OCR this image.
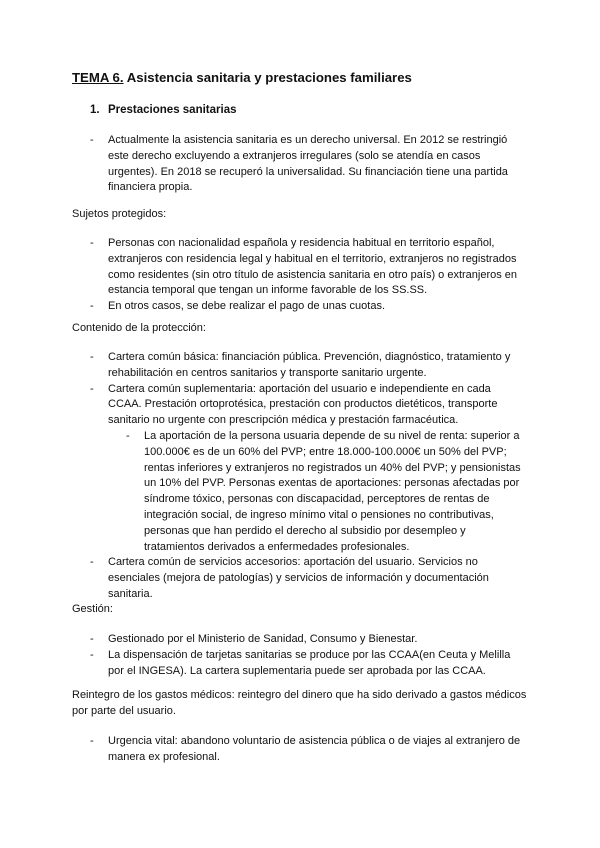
TEMA 6. Asistencia sanitaria y prestaciones familiares
1. Prestaciones sanitarias
- Actualmente la asistencia sanitaria es un derecho universal. En 2012 se restringió este derecho excluyendo a extranjeros irregulares (solo se atendía en casos urgentes). En 2018 se recuperó la universalidad. Su financiación tiene una partida financiera propia.
Sujetos protegidos:
- Personas con nacionalidad española y residencia habitual en territorio español, extranjeros con residencia legal y habitual en el territorio, extranjeros no registrados como residentes (sin otro título de asistencia sanitaria en otro país) o extranjeros en estancia temporal que tengan un informe favorable de los SS.SS.
- En otros casos, se debe realizar el pago de unas cuotas.
Contenido de la protección:
- Cartera común básica: financiación pública. Prevención, diagnóstico, tratamiento y rehabilitación en centros sanitarios y transporte sanitario urgente.
- Cartera común suplementaria: aportación del usuario e independiente en cada CCAA. Prestación ortoprotésica, prestación con productos dietéticos, transporte sanitario no urgente con prescripción médica y prestación farmacéutica.
- La aportación de la persona usuaria depende de su nivel de renta: superior a 100.000€ es de un 60% del PVP; entre 18.000-100.000€ un 50% del PVP; rentas inferiores y extranjeros no registrados un 40% del PVP; y pensionistas un 10% del PVP. Personas exentas de aportaciones: personas afectadas por síndrome tóxico, personas con discapacidad, perceptores de rentas de integración social, de ingreso mínimo vital o pensiones no contributivas, personas que han perdido el derecho al subsidio por desempleo y tratamientos derivados a enfermedades profesionales.
- Cartera común de servicios accesorios: aportación del usuario. Servicios no esenciales (mejora de patologías) y servicios de información y documentación sanitaria.
Gestión:
- Gestionado por el Ministerio de Sanidad, Consumo y Bienestar.
- La dispensación de tarjetas sanitarias se produce por las CCAA(en Ceuta y Melilla por el INGESA). La cartera suplementaria puede ser aprobada por las CCAA.
Reintegro de los gastos médicos: reintegro del dinero que ha sido derivado a gastos médicos por parte del usuario.
- Urgencia vital: abandono voluntario de asistencia pública o de viajes al extranjero de manera ex profesional.
